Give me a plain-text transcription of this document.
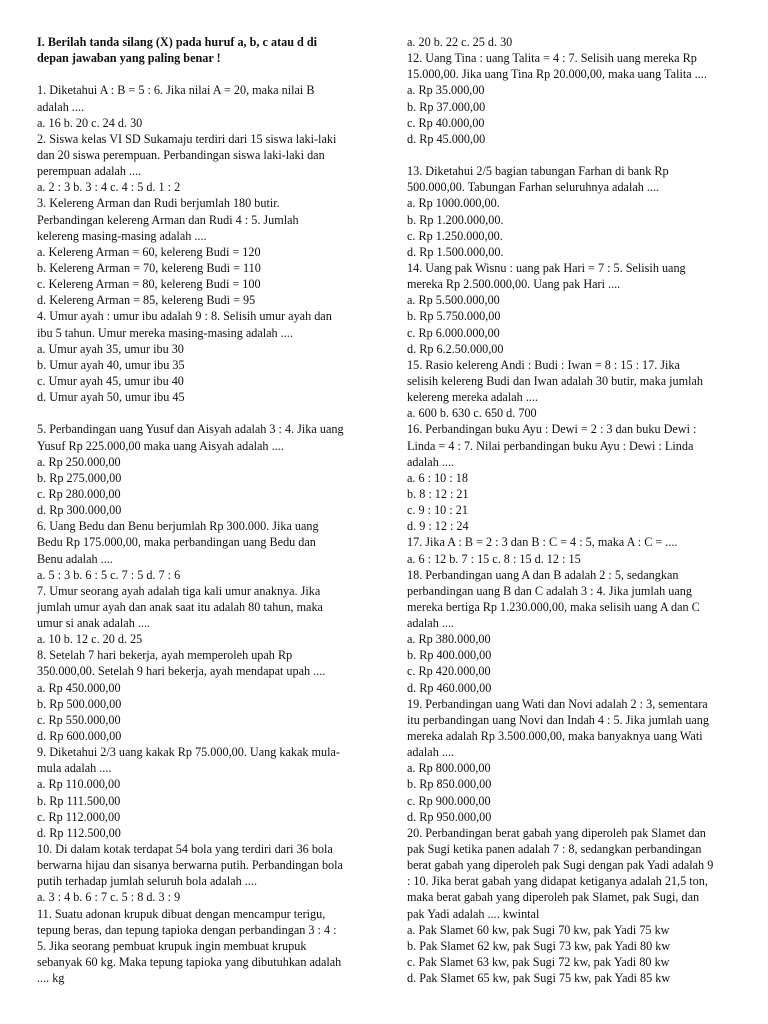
I. Berilah tanda silang (X) pada huruf a, b, c atau d di
depan jawaban yang paling benar !
1. Diketahui A : B = 5 : 6. Jika nilai A = 20, maka nilai B
adalah ....
a. 16 b. 20 c. 24 d. 30
2. Siswa kelas VI SD Sukamaju terdiri dari 15 siswa laki-laki
dan 20 siswa perempuan. Perbandingan siswa laki-laki dan
perempuan adalah ....
a. 2 : 3 b. 3 : 4 c. 4 : 5 d. 1 : 2
3. Kelereng Arman dan Rudi berjumlah 180 butir.
Perbandingan kelereng Arman dan Rudi 4 : 5. Jumlah
kelereng masing-masing adalah ....
a. Kelereng Arman = 60, kelereng Budi = 120
b. Kelereng Arman = 70, kelereng Budi = 110
c. Kelereng Arman = 80, kelereng Budi = 100
d. Kelereng Arman = 85, kelereng Budi = 95
4. Umur ayah : umur ibu adalah 9 : 8. Selisih umur ayah dan
ibu 5 tahun. Umur mereka masing-masing adalah ....
a. Umur ayah 35, umur ibu 30
b. Umur ayah 40, umur ibu 35
c. Umur ayah 45, umur ibu 40
d. Umur ayah 50, umur ibu 45
5. Perbandingan uang Yusuf dan Aisyah adalah 3 : 4. Jika uang
Yusuf Rp 225.000,00 maka uang Aisyah adalah ....
a. Rp 250.000,00
b. Rp 275.000,00
c. Rp 280.000,00
d. Rp 300.000,00
6. Uang Bedu dan Benu berjumlah Rp 300.000. Jika uang
Bedu Rp 175.000,00, maka perbandingan uang Bedu dan
Benu adalah ....
a. 5 : 3 b. 6 : 5 c. 7 : 5 d. 7 : 6
7. Umur seorang ayah adalah tiga kali umur anaknya. Jika
jumlah umur ayah dan anak saat itu adalah 80 tahun, maka
umur si anak adalah ....
a. 10 b. 12 c. 20 d. 25
8. Setelah 7 hari bekerja, ayah memperoleh upah Rp
350.000,00. Setelah 9 hari bekerja, ayah mendapat upah ....
a. Rp 450.000,00
b. Rp 500.000,00
c. Rp 550.000,00
d. Rp 600.000,00
9. Diketahui 2/3 uang kakak Rp 75.000,00. Uang kakak mula-
mula adalah ....
a. Rp 110.000,00
b. Rp 111.500,00
c. Rp 112.000,00
d. Rp 112.500,00
10. Di dalam kotak terdapat 54 bola yang terdiri dari 36 bola
berwarna hijau dan sisanya berwarna putih. Perbandingan bola
putih terhadap jumlah seluruh bola adalah ....
a. 3 : 4 b. 6 : 7 c. 5 : 8 d. 3 : 9
11. Suatu adonan krupuk dibuat dengan mencampur terigu,
tepung beras, dan tepung tapioka dengan perbandingan 3 : 4 :
5. Jika seorang pembuat krupuk ingin membuat krupuk
sebanyak 60 kg. Maka tepung tapioka yang dibutuhkan adalah
.... kg
a. 20 b. 22 c. 25 d. 30
12. Uang Tina : uang Talita = 4 : 7. Selisih uang mereka Rp
15.000,00. Jika uang Tina Rp 20.000,00, maka uang Talita ....
a. Rp 35.000,00
b. Rp 37.000,00
c. Rp 40.000,00
d. Rp 45.000,00
13. Diketahui 2/5 bagian tabungan Farhan di bank Rp
500.000,00. Tabungan Farhan seluruhnya adalah ....
a. Rp 1000.000,00.
b. Rp 1.200.000,00.
c. Rp 1.250.000,00.
d. Rp 1.500.000,00.
14. Uang pak Wisnu : uang pak Hari = 7 : 5. Selisih uang
mereka Rp 2.500.000,00. Uang pak Hari ....
a. Rp 5.500.000,00
b. Rp 5.750.000,00
c. Rp 6.000.000,00
d. Rp 6.2.50.000,00
15. Rasio kelereng Andi : Budi : Iwan = 8 : 15 : 17. Jika
selisih kelereng Budi dan Iwan adalah 30 butir, maka jumlah
kelereng mereka adalah ....
a. 600 b. 630 c. 650 d. 700
16. Perbandingan buku Ayu : Dewi = 2 : 3 dan buku Dewi :
Linda = 4 : 7. Nilai perbandingan buku Ayu : Dewi : Linda
adalah ....
a. 6 : 10 : 18
b. 8 : 12 : 21
c. 9 : 10 : 21
d. 9 : 12 : 24
17. Jika A : B = 2 : 3 dan B : C = 4 : 5, maka A : C = ....
a. 6 : 12 b. 7 : 15 c. 8 : 15 d. 12 : 15
18. Perbandingan uang A dan B adalah 2 : 5, sedangkan
perbandingan uang B dan C adalah 3 : 4. Jika jumlah uang
mereka bertiga Rp 1.230.000,00, maka selisih uang A dan C
adalah ....
a. Rp 380.000,00
b. Rp 400.000,00
c. Rp 420.000,00
d. Rp 460.000,00
19. Perbandingan uang Wati dan Novi adalah 2 : 3, sementara
itu perbandingan uang Novi dan Indah 4 : 5. Jika jumlah uang
mereka adalah Rp 3.500.000,00, maka banyaknya uang Wati
adalah ....
a. Rp 800.000,00
b. Rp 850.000,00
c. Rp 900.000,00
d. Rp 950.000,00
20. Perbandingan berat gabah yang diperoleh pak Slamet dan
pak Sugi ketika panen adalah 7 : 8, sedangkan perbandingan
berat gabah yang diperoleh pak Sugi dengan pak Yadi adalah 9
: 10. Jika berat gabah yang didapat ketiganya adalah 21,5 ton,
maka berat gabah yang diperoleh pak Slamet, pak Sugi, dan
pak Yadi adalah .... kwintal
a. Pak Slamet 60 kw, pak Sugi 70 kw, pak Yadi 75 kw
b. Pak Slamet 62 kw, pak Sugi 73 kw, pak Yadi 80 kw
c. Pak Slamet 63 kw, pak Sugi 72 kw, pak Yadi 80 kw
d. Pak Slamet 65 kw, pak Sugi 75 kw, pak Yadi 85 kw
